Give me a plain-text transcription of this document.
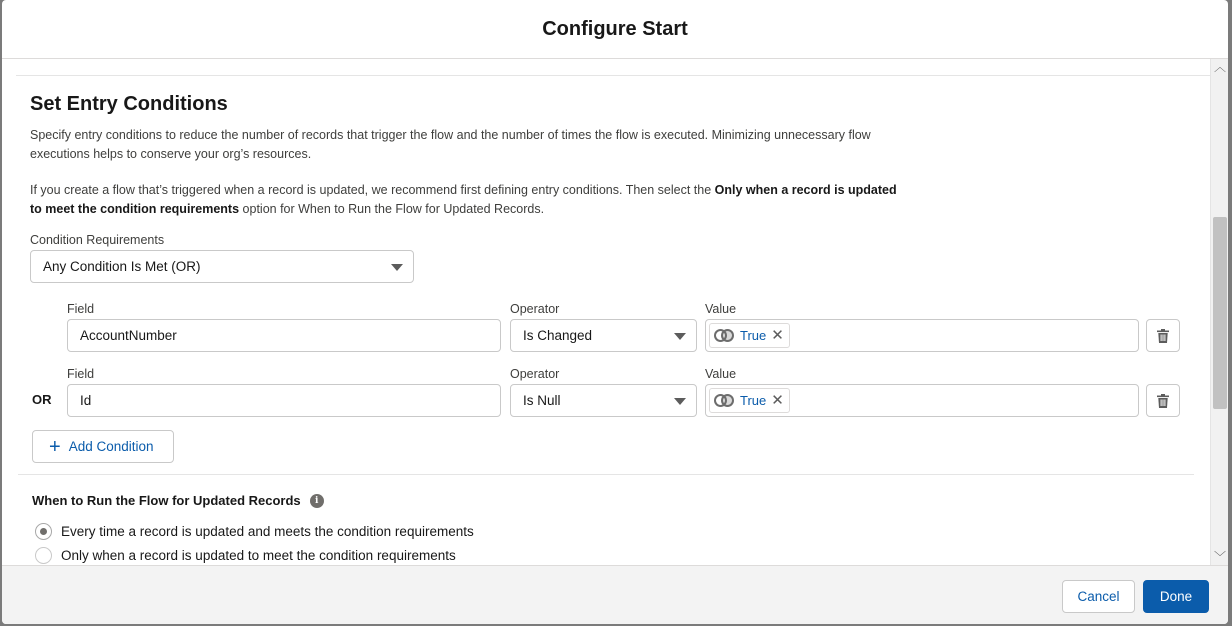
Configure Start
Set Entry Conditions

Specify entry conditions to reduce the number of records that trigger the flow and the number of times the flow is executed. Minimizing unnecessary flow executions helps to conserve your org’s resources.

If you create a flow that’s triggered when a record is updated, we recommend first defining entry conditions. Then select the Only when a record is updated to meet the condition requirements option for When to Run the Flow for Updated Records.

Condition Requirements
Any Condition Is Met (OR)
Field
AccountNumber
Operator
Is Changed
Value
True ✕
OR
Field
Id
Operator
Is Null
Value
True ✕
+ Add Condition
When to Run the Flow for Updated Records	i
Every time a record is updated and meets the condition requirements
Only when a record is updated to meet the condition requirements
︿
﹀
Cancel	Done
